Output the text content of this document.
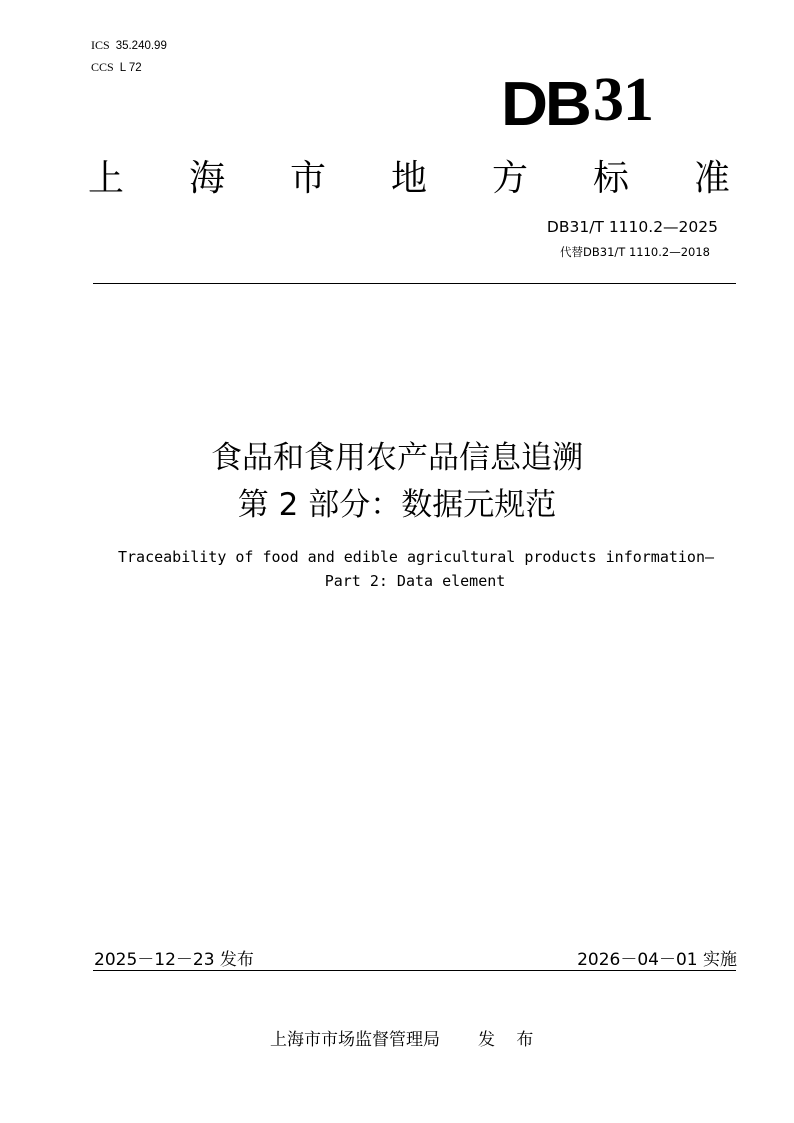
ICS 35.240.99
CCS L 72
DB 31
上 海 市 地 方 标 准
DB31/T 1110.2—2025
代替DB31/T 1110.2—2018
食品和食用农产品信息追溯
第 2 部分：数据元规范
Traceability of food and edible agricultural products information—
Part 2: Data element
2025－12－23 发布	2026－04－01 实施
上海市市场监督管理局 发 布
